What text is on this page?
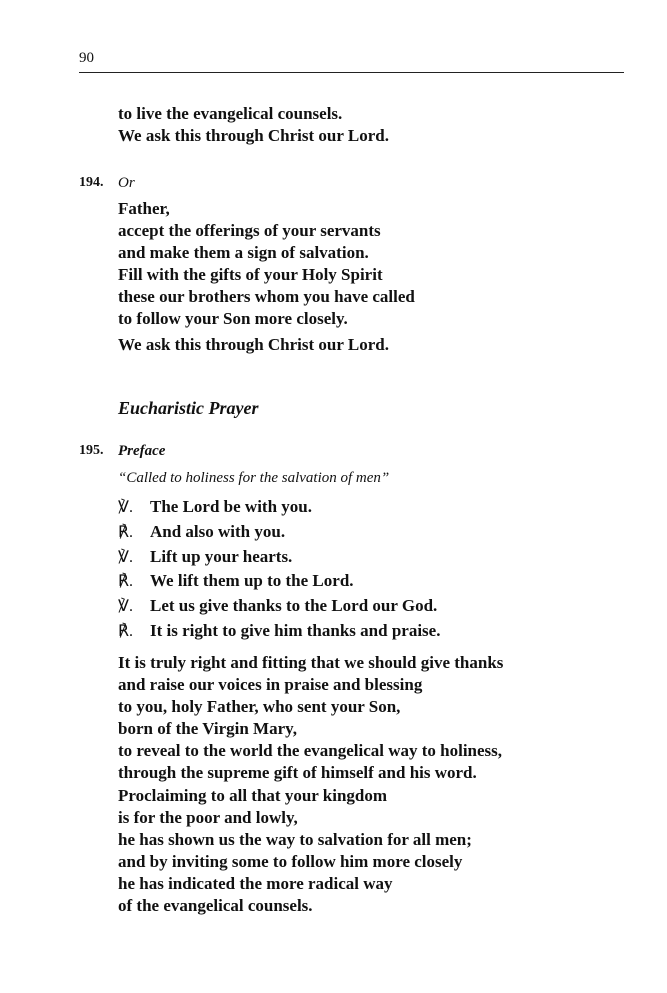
90
to live the evangelical counsels.
We ask this through Christ our Lord.
194. Or
Father,
accept the offerings of your servants
and make them a sign of salvation.
Fill with the gifts of your Holy Spirit
these our brothers whom you have called
to follow your Son more closely.
We ask this through Christ our Lord.
Eucharistic Prayer
195. Preface
“Called to holiness for the salvation of men”
℣.	The Lord be with you.
℟.	And also with you.
℣.	Lift up your hearts.
℟.	We lift them up to the Lord.
℣.	Let us give thanks to the Lord our God.
℟.	It is right to give him thanks and praise.
It is truly right and fitting that we should give thanks
and raise our voices in praise and blessing
to you, holy Father, who sent your Son,
born of the Virgin Mary,
to reveal to the world the evangelical way to holiness,
through the supreme gift of himself and his word.
Proclaiming to all that your kingdom
is for the poor and lowly,
he has shown us the way to salvation for all men;
and by inviting some to follow him more closely
he has indicated the more radical way
of the evangelical counsels.
